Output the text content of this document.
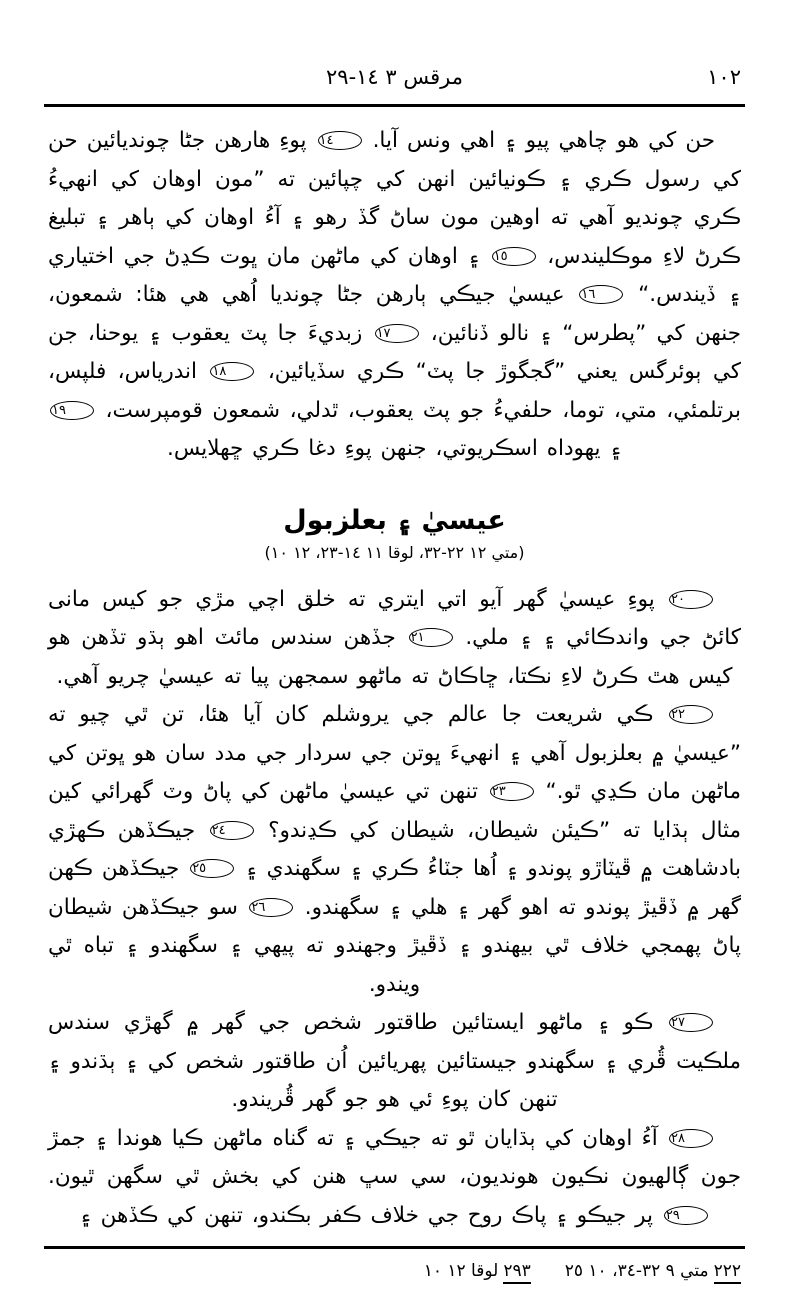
١٠٢
مرقس ٣ ١٤-٢٩

حن کي هو چاهي پيو ۽ اهي ونس آيا. ١٤ پوءِ هارهن جڻا چونديائين حن کي رسول ڪري ۽ ڪونيائين انهن کي چپائين ته ”مون اوهان کي انهيءُ ڪري چونديو آهي ته اوهين مون ساڻ گڏ رهو ۽ آءُ اوهان کي ٻاهر ۽ تبليغ ڪرڻ لاءِ موڪليندس، ١٥ ۽ اوهان کي ماڻهن مان ڀوت ڪڍڻ جي اختياري ۽ ڏيندس.“ ١٦ عيسيٰ جيڪي ٻارهن جڻا چونديا اُهي هي هئا: شمعون، جنهن کي ”پطرس“ ۽ نالو ڏنائين، ١٧ زبديءَ جا پٽ يعقوب ۽ يوحنا، جن کي ٻوئرگس يعني ”گجگوڙ جا پٽ“ ڪري سڏيائين، ١٨ اندرياس، فلپس، برتلمئي، متي، توما، حلفيءُ جو پٽ يعقوب، ٿدلي، شمعون قومپرست، ١٩ ۽ يهوداه اسڪريوتي، جنهن پوءِ دغا ڪري ڇهلايس.

عيسيٰ ۽ بعلزبول
(متي ١٢ ٢٢-٣٢، لوقا ١١ ١٤-٢٣، ١٢ ١٠)

٢٠ پوءِ عيسيٰ گهر آيو اتي ايتري ته خلق اچي مڙي جو کيس مانی کائڻ جي واندڪائي ۽ ۽ ملي. ٢١ جڏهن سندس مائٽ اهو ٻڌو تڏهن هو کيس هٿ ڪرڻ لاءِ نڪتا، ڇاڪاڻ ته ماڻهو سمجهن پيا ته عيسيٰ چريو آهي.

٢٢ ڪي شريعت جا عالم جي يروشلم کان آيا هئا، تن ٿي چيو ته ”عيسيٰ ۾ بعلزبول آهي ۽ انهيءَ ڀوتن جي سردار جي مدد سان هو ڀوتن کي ماڻهن مان ڪڍي ٿو.“ ٢٣ تنهن تي عيسيٰ ماڻهن کي پاڻ وٽ گهرائي کين مثال ٻڌايا ته ”ڪيئن شيطان، شيطان کي ڪڍندو؟ ٢٤ جيڪڏهن ڪهڙي بادشاهت ۾ ڦيٽاڙو پوندو ۽ اُها جٽاءُ ڪري ۽ سگهندي ۽ ٢٥ جيڪڏهن ڪهن گهر ۾ ڏڦيڙ پوندو ته اهو گهر ۽ هلي ۽ سگهندو. ٢٦ سو جيڪڏهن شيطان پاڻ پهمجي خلاف ٿي بيهندو ۽ ڏڦيڙ وجهندو ته پيهي ۽ سگهندو ۽ تباه ٿي ويندو.

٢٧ ڪو ۽ ماڻهو ايستائين طاقتور شخص جي گهر ۾ گهڙي سندس ملڪيت ڦُري ۽ سگهندو جيستائين پهريائين اُن طاقتور شخص کي ۽ ٻڌندو ۽ تنهن کان پوءِ ئي هو جو گهر ڦُريندو.

٢٨ آءُ اوهان کي ٻڌايان ٿو ته جيڪي ۽ ته گناه ماڻهن ڪيا هوندا ۽ جمڙ جون ڳالهيون نڪيون هونديون، سي سڀ هنن کي بخش ٿي سگهن ٿيون. ٢٩ پر جيڪو ۽ پاڪ روح جي خلاف ڪفر بڪندو، تنهن کي ڪڏهن ۽

٢٢٢متي ٩ ٣٢-٣٤، ١٠ ٢٥٢٩٣لوقا ١٢ ١٠
